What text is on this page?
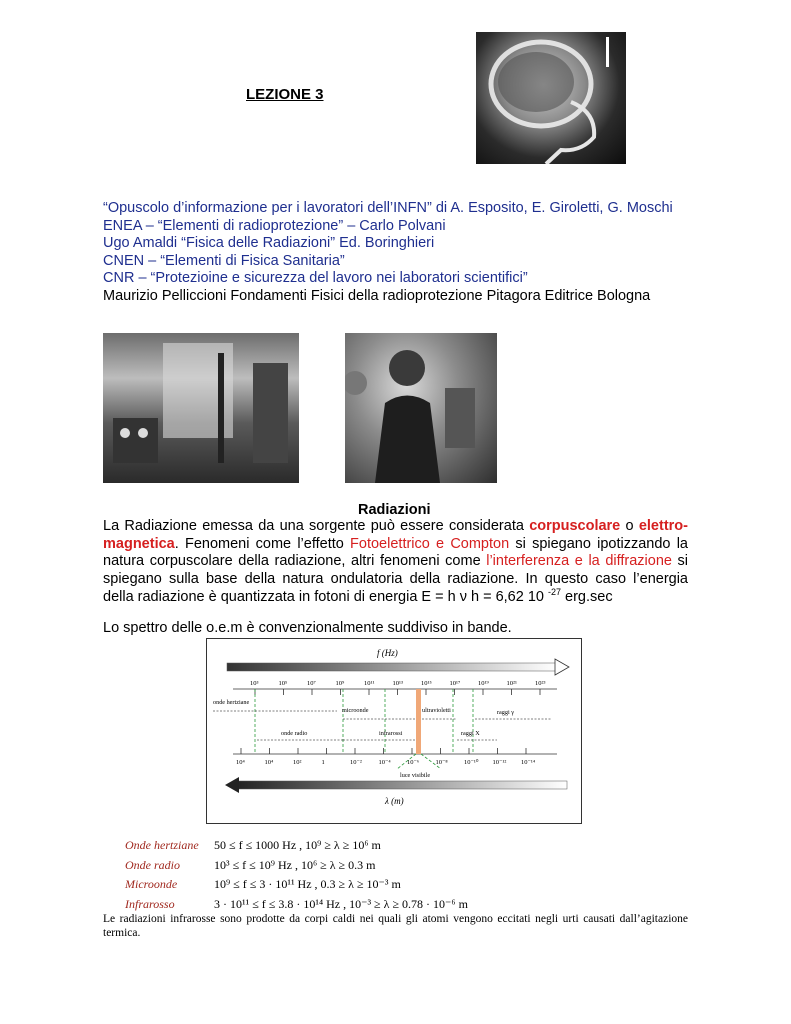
LEZIONE 3
“Opuscolo d’informazione per i lavoratori dell’INFN” di A. Esposito, E. Giroletti, G. Moschi
ENEA – “Elementi di radioprotezione” – Carlo Polvani
Ugo Amaldi “Fisica delle Radiazioni” Ed. Boringhieri
CNEN – “Elementi di Fisica Sanitaria”
CNR – “Protezioine e sicurezza del lavoro nei laboratori scientifici”
Maurizio Pelliccioni Fondamenti Fisici della radioprotezione Pitagora Editrice Bologna
Radiazioni
La Radiazione emessa da una sorgente può essere considerata corpuscolare o elettro-magnetica. Fenomeni come l’effetto Fotoelettrico e Compton si spiegano ipotizzando la natura corpuscolare della radiazione, altri fenomeni come l’interferenza e la diffrazione si spiegano sulla base della natura ondulatoria della radiazione. In questo caso l’energia della radiazione è quantizzata in fotoni di energia E = h ν h = 6,62 10 $^{-27}$ erg.sec
Lo spettro delle o.e.m è convenzionalmente suddiviso in bande.
f (Hz)
10³	10⁵	10⁷	10⁹	10¹¹	10¹³	10¹⁵	10¹⁷	10¹⁹	10²¹	10²³
10⁴	10⁴	10²	1	10⁻²	10⁻⁴	10⁻⁶	10⁻⁸	10⁻¹⁰ 10⁻¹² 10⁻¹⁴
onde hertziane
microonde	ultravioletti	raggi γ
onde radio	infrarossi	raggi X
luce visibile
λ (m)
Onde hertziane	50 ≤ f ≤ 1000 Hz , 10⁹ ≥ λ ≥ 10⁶ m
Onde radio	10³ ≤ f ≤ 10⁹ Hz , 10⁶ ≥ λ ≥ 0.3 m
Microonde	10⁹ ≤ f ≤ 3 · 10¹¹ Hz , 0.3 ≥ λ ≥ 10⁻³ m
Infrarosso	3 · 10¹¹ ≤ f ≤ 3.8 · 10¹⁴ Hz , 10⁻³ ≥ λ ≥ 0.78 · 10⁻⁶ m
Le radiazioni infrarosse sono prodotte da corpi caldi nei quali gli atomi vengono eccitati negli urti causati dall’agitazione termica.
